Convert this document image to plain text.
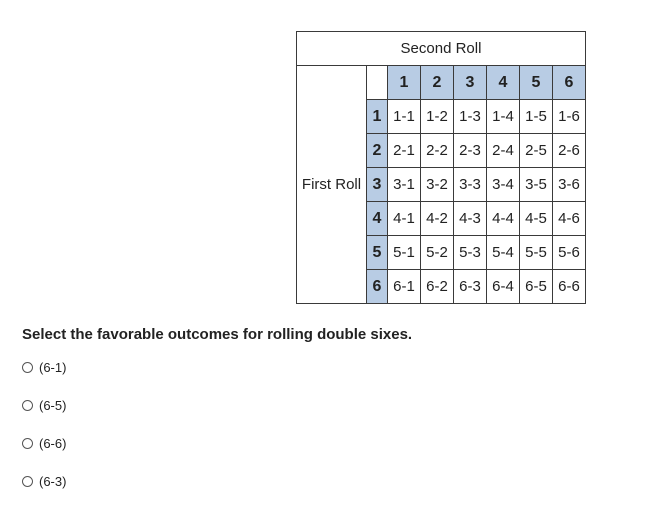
Second Roll							
First Roll		1	2	3	4	5	6
	1	1-1	1-2	1-3	1-4	1-5	1-6
	2	2-1	2-2	2-3	2-4	2-5	2-6
	3	3-1	3-2	3-3	3-4	3-5	3-6
	4	4-1	4-2	4-3	4-4	4-5	4-6
	5	5-1	5-2	5-3	5-4	5-5	5-6
	6	6-1	6-2	6-3	6-4	6-5	6-6
Select the favorable outcomes for rolling double sixes.
(6-1)
(6-5)
(6-6)
(6-3)
